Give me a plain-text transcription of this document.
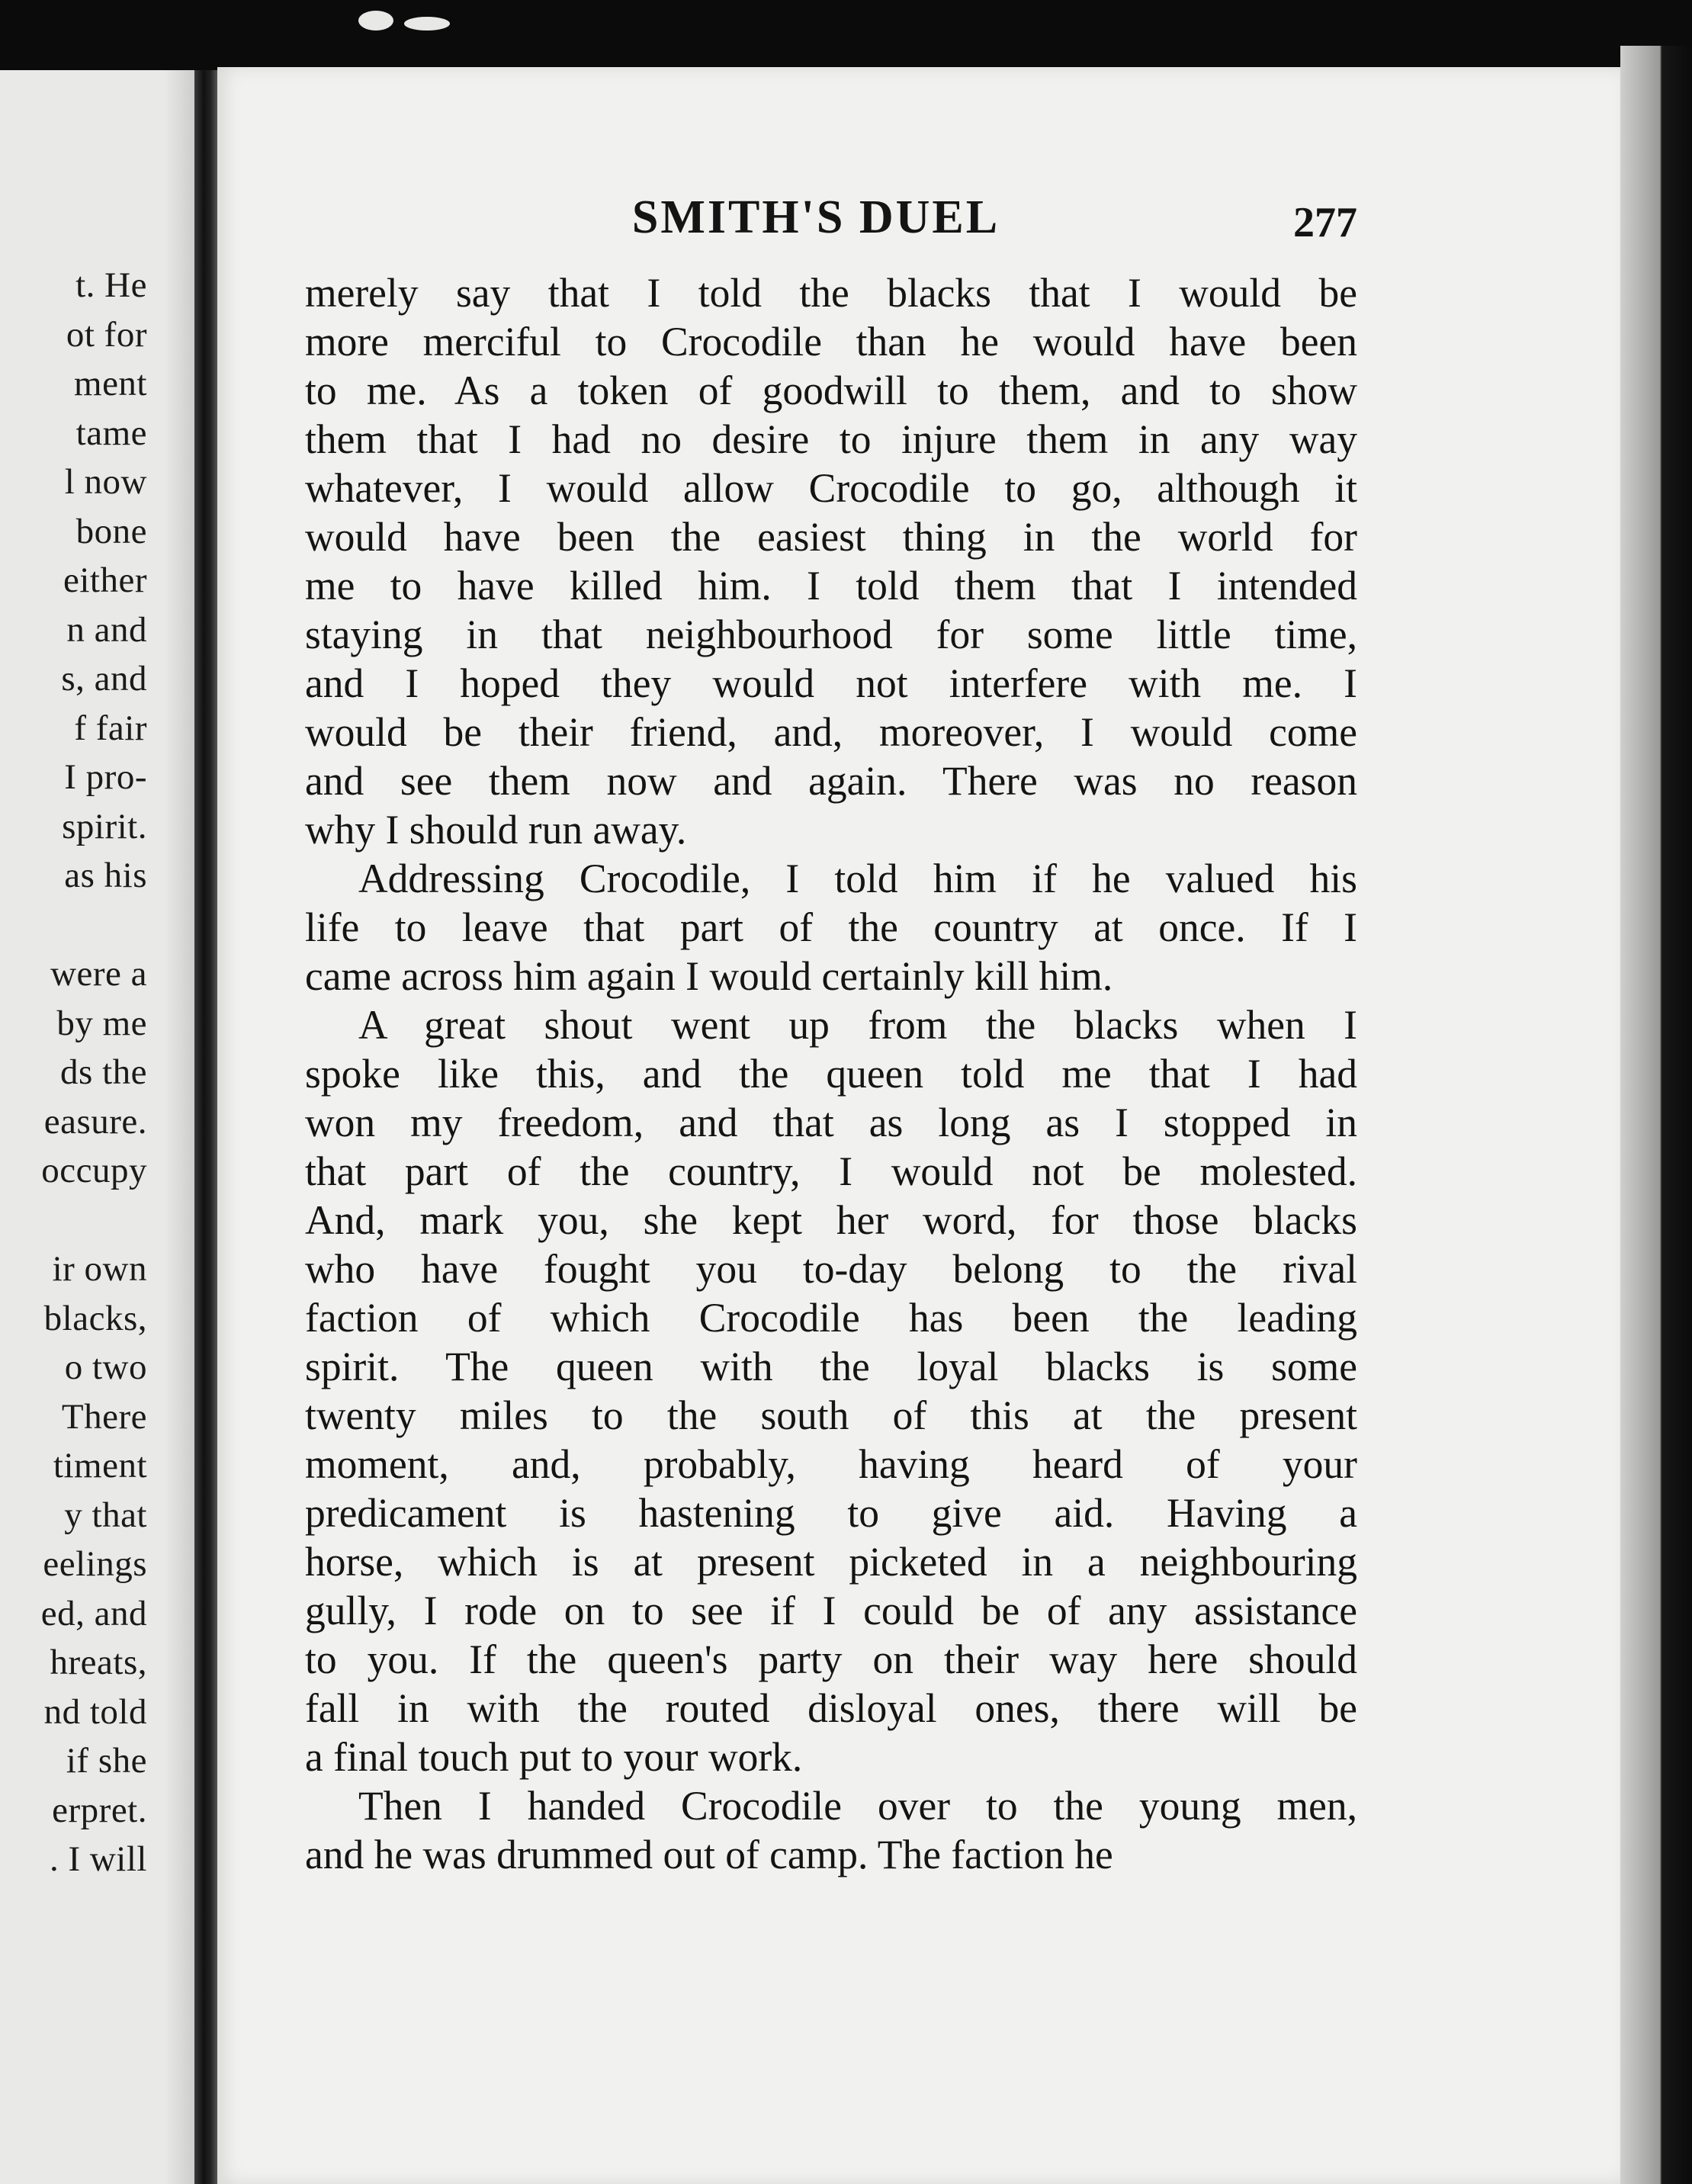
t. He
ot for
ment
tame
l now
bone
either
n and
s, and
f fair
I pro-
spirit.
as his
were a
by me
ds the
easure.
occupy
ir own
blacks,
o two
There
timent
y that
eelings
ed, and
hreats,
nd told
if she
erpret.
. I will
SMITH'S DUEL	277
merely say that I told the blacks that I would be
more merciful to Crocodile than he would have been
to me. As a token of goodwill to them, and to show
them that I had no desire to injure them in any way
whatever, I would allow Crocodile to go, although it
would have been the easiest thing in the world for
me to have killed him. I told them that I intended
staying in that neighbourhood for some little time,
and I hoped they would not interfere with me. I
would be their friend, and, moreover, I would come
and see them now and again. There was no reason
why I should run away.
Addressing Crocodile, I told him if he valued his
life to leave that part of the country at once. If I
came across him again I would certainly kill him.
A great shout went up from the blacks when I
spoke like this, and the queen told me that I had
won my freedom, and that as long as I stopped in
that part of the country, I would not be molested.
And, mark you, she kept her word, for those blacks
who have fought you to-day belong to the rival
faction of which Crocodile has been the leading
spirit. The queen with the loyal blacks is some
twenty miles to the south of this at the present
moment, and, probably, having heard of your
predicament is hastening to give aid. Having a
horse, which is at present picketed in a neighbouring
gully, I rode on to see if I could be of any assistance
to you. If the queen's party on their way here should
fall in with the routed disloyal ones, there will be
a final touch put to your work.
Then I handed Crocodile over to the young men,
and he was drummed out of camp. The faction he
